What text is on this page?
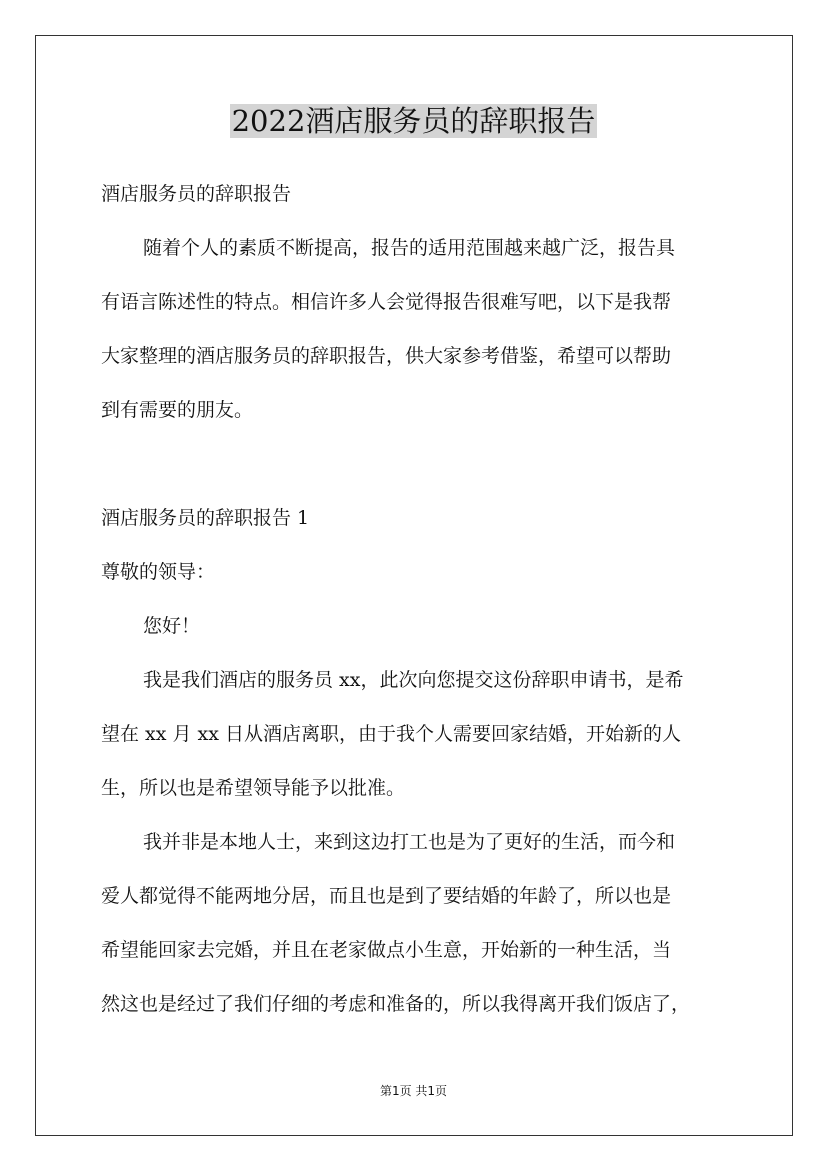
2022酒店服务员的辞职报告

酒店服务员的辞职报告

随着个人的素质不断提高，报告的适用范围越来越广泛，报告具

有语言陈述性的特点。相信许多人会觉得报告很难写吧，以下是我帮

大家整理的酒店服务员的辞职报告，供大家参考借鉴，希望可以帮助

到有需要的朋友。

酒店服务员的辞职报告 1

尊敬的领导：

您好！

我是我们酒店的服务员 xx，此次向您提交这份辞职申请书，是希

望在 xx 月 xx 日从酒店离职，由于我个人需要回家结婚，开始新的人

生，所以也是希望领导能予以批准。

我并非是本地人士，来到这边打工也是为了更好的生活，而今和

爱人都觉得不能两地分居，而且也是到了要结婚的年龄了，所以也是

希望能回家去完婚，并且在老家做点小生意，开始新的一种生活，当

然这也是经过了我们仔细的考虑和准备的，所以我得离开我们饭店了，

第1页 共1页
